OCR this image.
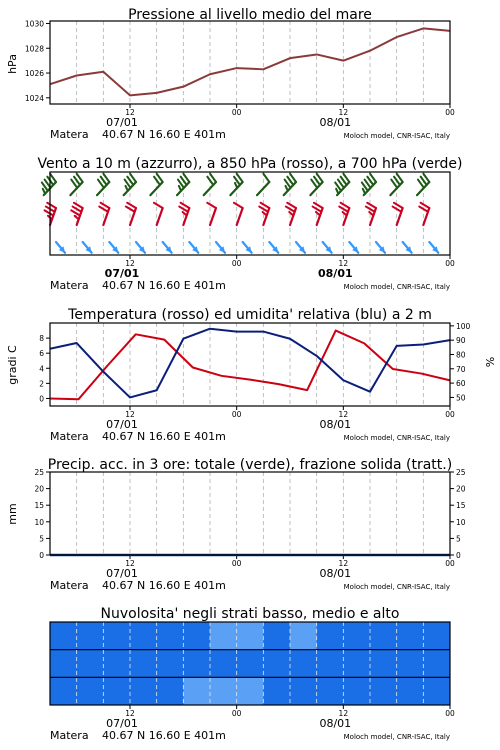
Pressione al livello medio del mare
hPa
1024
1026
1028
1030
12	00	12	00
07/01	08/01
Matera 40.67 N 16.60 E 401m	Moloch model, CNR-ISAC, Italy
Vento a 10 m (azzurro), a 850 hPa (rosso), a 700 hPa (verde)
12	00	12	00
07/01	08/01
Matera 40.67 N 16.60 E 401m	Moloch model, CNR-ISAC, Italy
Temperatura (rosso) ed umidita' relativa (blu) a 2 m
gradi C	%
0
2
4
6
8
50
60
70
80
90
100
12	00	12	00
07/01	08/01
Matera 40.67 N 16.60 E 401m	Moloch model, CNR-ISAC, Italy
Precip. acc. in 3 ore: totale (verde), frazione solida (tratt.)
mm
0
5
10
15
20
25
0
5
10
15
20
25
12	00	12	00
07/01	08/01
Matera 40.67 N 16.60 E 401m	Moloch model, CNR-ISAC, Italy
Nuvolosita' negli strati basso, medio e alto
12	00	12	00
07/01	08/01
Matera 40.67 N 16.60 E 401m	Moloch model, CNR-ISAC, Italy
